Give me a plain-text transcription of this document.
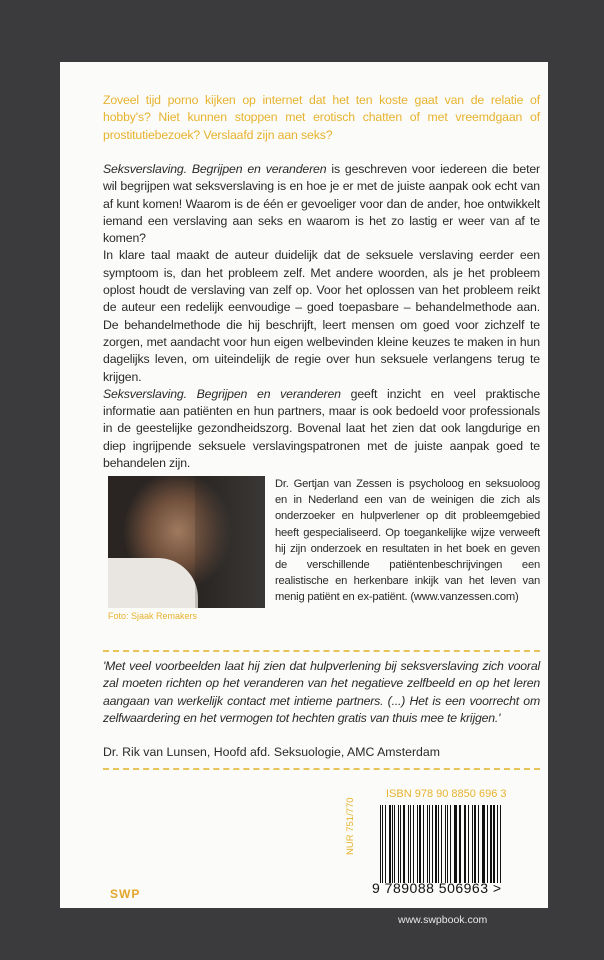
Zoveel tijd porno kijken op internet dat het ten koste gaat van de relatie of hobby's? Niet kunnen stoppen met erotisch chatten of met vreemdgaan of prostitutiebezoek? Verslaafd zijn aan seks?
Seksverslaving. Begrijpen en veranderen is geschreven voor iedereen die beter wil begrijpen wat seksverslaving is en hoe je er met de juiste aanpak ook echt van af kunt komen! Waarom is de één er gevoeliger voor dan de ander, hoe ontwikkelt iemand een verslaving aan seks en waarom is het zo lastig er weer van af te komen?
In klare taal maakt de auteur duidelijk dat de seksuele verslaving eerder een symptoom is, dan het probleem zelf. Met andere woorden, als je het probleem oplost houdt de verslaving van zelf op. Voor het oplossen van het probleem reikt de auteur een redelijk eenvoudige – goed toepasbare – behandelmethode aan. De behandelmethode die hij beschrijft, leert mensen om goed voor zichzelf te zorgen, met aandacht voor hun eigen welbevinden kleine keuzes te maken in hun dagelijks leven, om uiteindelijk de regie over hun seksuele verlangens terug te krijgen.
Seksverslaving. Begrijpen en veranderen geeft inzicht en veel praktische informatie aan patiënten en hun partners, maar is ook bedoeld voor professionals in de geestelijke gezondheidszorg. Bovenal laat het zien dat ook langdurige en diep ingrijpende seksuele verslavingspatronen met de juiste aanpak goed te behandelen zijn.
Foto: Sjaak Remakers
Dr. Gertjan van Zessen is psycholoog en seksuoloog en in Nederland een van de weinigen die zich als onderzoeker en hulpverlener op dit probleemgebied heeft gespecialiseerd. Op toegankelijke wijze verweeft hij zijn onderzoek en resultaten in het boek en geven de verschillende patiëntenbeschrijvingen een realistische en herkenbare inkijk van het leven van menig patiënt en ex-patiënt. (www.vanzessen.com)
'Met veel voorbeelden laat hij zien dat hulpverlening bij seksverslaving zich vooral zal moeten richten op het veranderen van het negatieve zelfbeeld en op het leren aangaan van werkelijk contact met intieme partners. (...) Het is een voorrecht om zelfwaardering en het vermogen tot hechten gratis van thuis mee te krijgen.'
Dr. Rik van Lunsen, Hoofd afd. Seksuologie, AMC Amsterdam
ISBN 978 90 8850 696 3
NUR 751/770
9 789088 506963 >
SWP
www.swpbook.com
